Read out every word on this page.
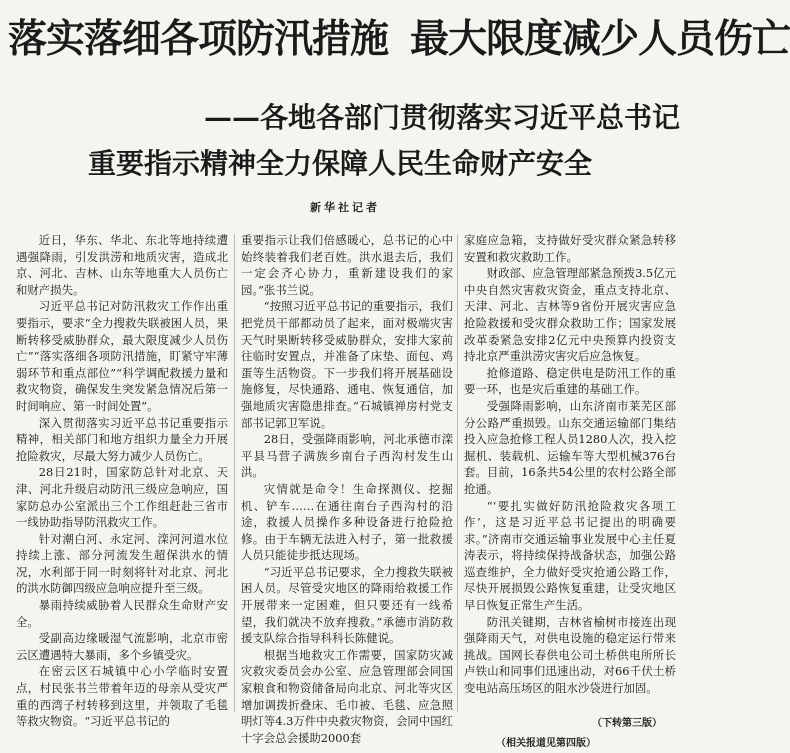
落实落细各项防汛措施 最大限度减少人员伤亡
——各地各部门贯彻落实习近平总书记
重要指示精神全力保障人民生命财产安全
新华社记者

近日，华东、华北、东北等地持续遭遇强降雨，引发洪涝和地质灾害，造成北京、河北、吉林、山东等地重大人员伤亡和财产损失。

习近平总书记对防汛救灾工作作出重要指示，要求“全力搜救失联被困人员，果断转移受威胁群众，最大限度减少人员伤亡”“落实落细各项防汛措施，盯紧守牢薄弱环节和重点部位”“科学调配救援力量和救灾物资，确保发生突发紧急情况后第一时间响应、第一时间处置”。

深入贯彻落实习近平总书记重要指示精神，相关部门和地方组织力量全力开展抢险救灾，尽最大努力减少人员伤亡。

28日21时，国家防总针对北京、天津、河北升级启动防汛三级应急响应，国家防总办公室派出三个工作组赶赴三省市一线协助指导防汛救灾工作。

针对潮白河、永定河、滦河河道水位持续上涨、部分河流发生超保洪水的情况，水利部于同一时刻将针对北京、河北的洪水防御四级应急响应提升至三级。

暴雨持续威胁着人民群众生命财产安全。

受副高边缘暖湿气流影响，北京市密云区遭遇特大暴雨，多个乡镇受灾。

在密云区石城镇中心小学临时安置点，村民张书兰带着年迈的母亲从受灾严重的西湾子村转移到这里，并领取了毛毯等救灾物资。“习近平总书记的

重要指示让我们倍感暖心，总书记的心中始终装着我们老百姓。洪水退去后，我们一定会齐心协力，重新建设我们的家园。”张书兰说。

“按照习近平总书记的重要指示，我们把党员干部都动员了起来，面对极端灾害天气时果断转移受威胁群众，安排大家前往临时安置点，并准备了床垫、面包、鸡蛋等生活物资。下一步我们将开展基础设施修复，尽快通路、通电、恢复通信，加强地质灾害隐患排查。”石城镇禅房村党支部书记郭卫军说。

28日，受强降雨影响，河北承德市滦平县马营子满族乡南台子西沟村发生山洪。

灾情就是命令！生命探测仪、挖掘机、铲车……在通往南台子西沟村的沿途，救援人员操作多种设备进行抢险抢修。由于车辆无法进入村子，第一批救援人员只能徒步抵达现场。

“习近平总书记要求，全力搜救失联被困人员。尽管受灾地区的降雨给救援工作开展带来一定困难，但只要还有一线希望，我们就决不放弃搜救。”承德市消防救援支队综合指导科科长陈健说。

根据当地救灾工作需要，国家防灾减灾救灾委员会办公室、应急管理部会同国家粮食和物资储备局向北京、河北等灾区增加调拨折叠床、毛巾被、毛毯、应急照明灯等4.3万件中央救灾物资，会同中国红十字会总会援助2000套

家庭应急箱，支持做好受灾群众紧急转移安置和救灾救助工作。

财政部、应急管理部紧急预拨3.5亿元中央自然灾害救灾资金，重点支持北京、天津、河北、吉林等9省份开展灾害应急抢险救援和受灾群众救助工作；国家发展改革委紧急安排2亿元中央预算内投资支持北京严重洪涝灾害灾后应急恢复。

抢修道路、稳定供电是防汛工作的重要一环，也是灾后重建的基础工作。

受强降雨影响，山东济南市莱芜区部分公路严重损毁。山东交通运输部门集结投入应急抢修工程人员1280人次，投入挖掘机、装载机、运输车等大型机械376台套。目前，16条共54公里的农村公路全部抢通。

“‘要扎实做好防汛抢险救灾各项工作’，这是习近平总书记提出的明确要求。”济南市交通运输事业发展中心主任夏涛表示，将持续保持战备状态，加强公路巡查维护，全力做好受灾抢通公路工作，尽快开展损毁公路恢复重建，让受灾地区早日恢复正常生产生活。

防汛关键期，吉林省榆树市接连出现强降雨天气，对供电设施的稳定运行带来挑战。国网长春供电公司土桥供电所所长卢铁山和同事们迅速出动，对66千伏土桥变电站高压场区的阻水沙袋进行加固。

（下转第三版）
（相关报道见第四版）
